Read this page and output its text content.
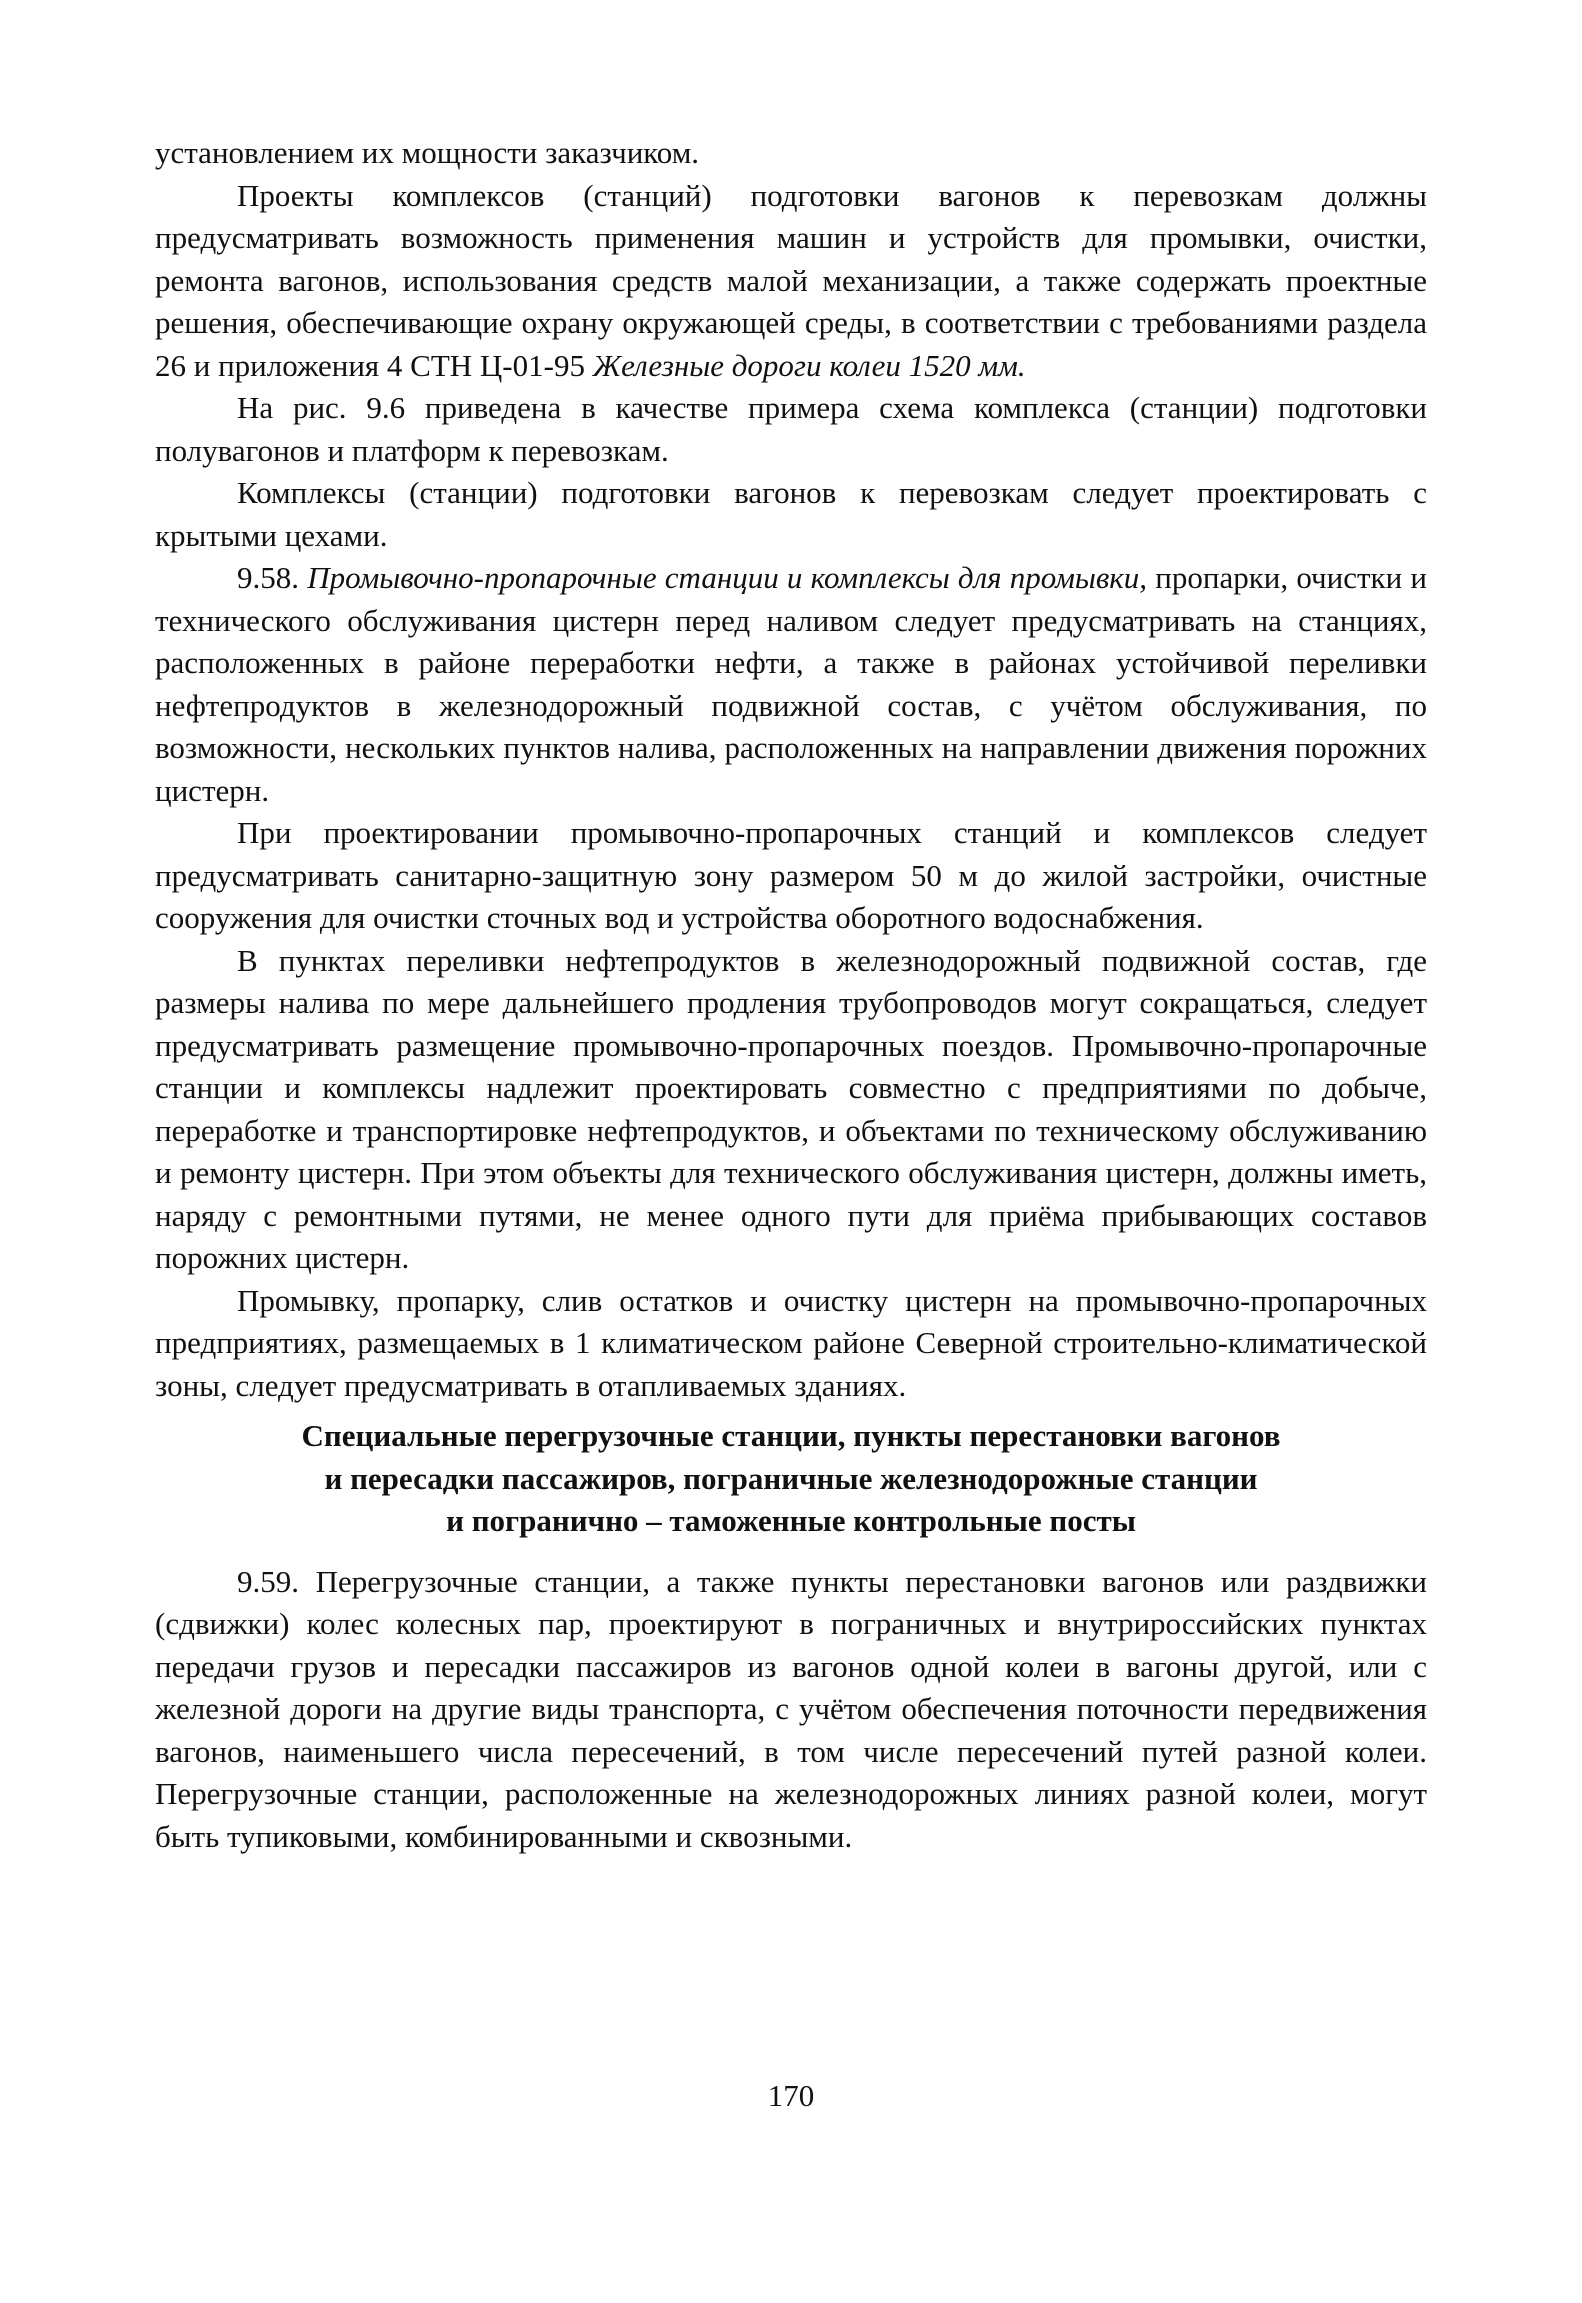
установлением их мощности заказчиком.

Проекты комплексов (станций) подготовки вагонов к перевозкам должны предусматривать возможность применения машин и устройств для промывки, очистки, ремонта вагонов, использования средств малой механизации, а также содержать проектные решения, обеспечивающие охрану окружающей среды, в соответствии с требованиями раздела 26 и приложения 4 СТН Ц-01-95 Железные дороги колеи 1520 мм.

На рис. 9.6 приведена в качестве примера схема комплекса (станции) подготовки полувагонов и платформ к перевозкам.

Комплексы (станции) подготовки вагонов к перевозкам следует проектировать с крытыми цехами.

9.58. Промывочно-пропарочные станции и комплексы для промывки, пропарки, очистки и технического обслуживания цистерн перед наливом следует предусматривать на станциях, расположенных в районе переработки нефти, а также в районах устойчивой переливки нефтепродуктов в железнодорожный подвижной состав, с учётом обслуживания, по возможности, нескольких пунктов налива, расположенных на направлении движения порожних цистерн.

При проектировании промывочно-пропарочных станций и комплексов следует предусматривать санитарно-защитную зону размером 50 м до жилой застройки, очистные сооружения для очистки сточных вод и устройства оборотного водоснабжения.

В пунктах переливки нефтепродуктов в железнодорожный подвижной состав, где размеры налива по мере дальнейшего продления трубопроводов могут сокращаться, следует предусматривать размещение промывочно-пропарочных поездов. Промывочно-пропарочные станции и комплексы надлежит проектировать совместно с предприятиями по добыче, переработке и транспортировке нефтепродуктов, и объектами по техническому обслуживанию и ремонту цистерн. При этом объекты для технического обслуживания цистерн, должны иметь, наряду с ремонтными путями, не менее одного пути для приёма прибывающих составов порожних цистерн.

Промывку, пропарку, слив остатков и очистку цистерн на промывочно-пропарочных предприятиях, размещаемых в 1 климатическом районе Северной строительно-климатической зоны, следует предусматривать в отапливаемых зданиях.

Специальные перегрузочные станции, пункты перестановки вагонов
и пересадки пассажиров, пограничные железнодорожные станции
и погранично – таможенные контрольные посты

9.59. Перегрузочные станции, а также пункты перестановки вагонов или раздвижки (сдвижки) колес колесных пар, проектируют в пограничных и внутрироссийских пунктах передачи грузов и пересадки пассажиров из вагонов одной колеи в вагоны другой, или с железной дороги на другие виды транспорта, с учётом обеспечения поточности передвижения вагонов, наименьшего числа пересечений, в том числе пересечений путей разной колеи. Перегрузочные станции, расположенные на железнодорожных линиях разной колеи, могут быть тупиковыми, комбинированными и сквозными.

170
